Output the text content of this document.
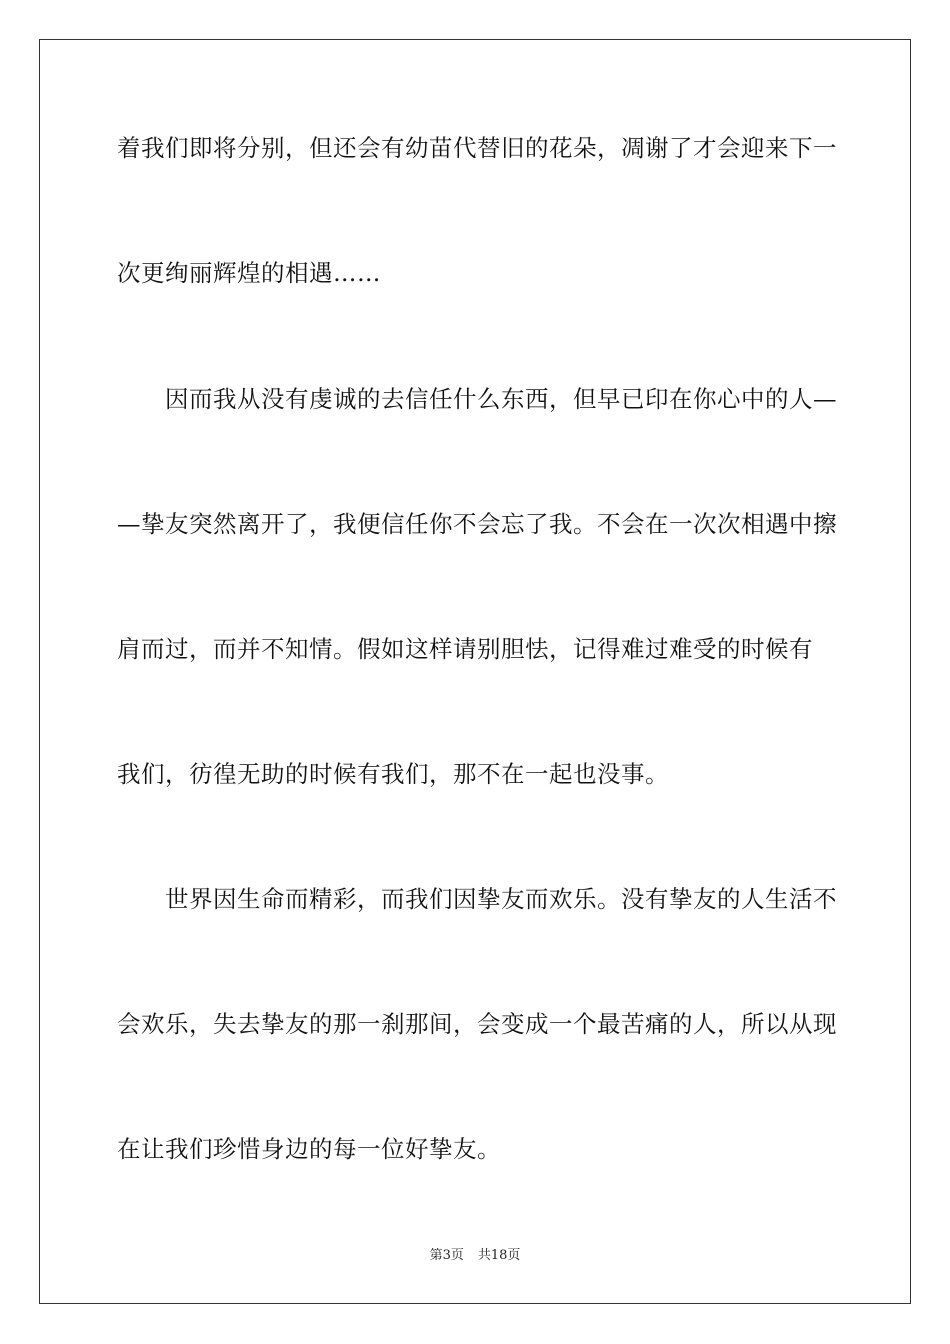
着我们即将分别，但还会有幼苗代替旧的花朵，凋谢了才会迎来下一
次更绚丽辉煌的相遇……
因而我从没有虔诚的去信任什么东西，但早已印在你心中的人—
—挚友突然离开了，我便信任你不会忘了我。不会在一次次相遇中擦
肩而过，而并不知情。假如这样请别胆怯，记得难过难受的时候有
我们，彷徨无助的时候有我们，那不在一起也没事。
世界因生命而精彩，而我们因挚友而欢乐。没有挚友的人生活不
会欢乐，失去挚友的那一刹那间，会变成一个最苦痛的人，所以从现
在让我们珍惜身边的每一位好挚友。
第3页 共18页
